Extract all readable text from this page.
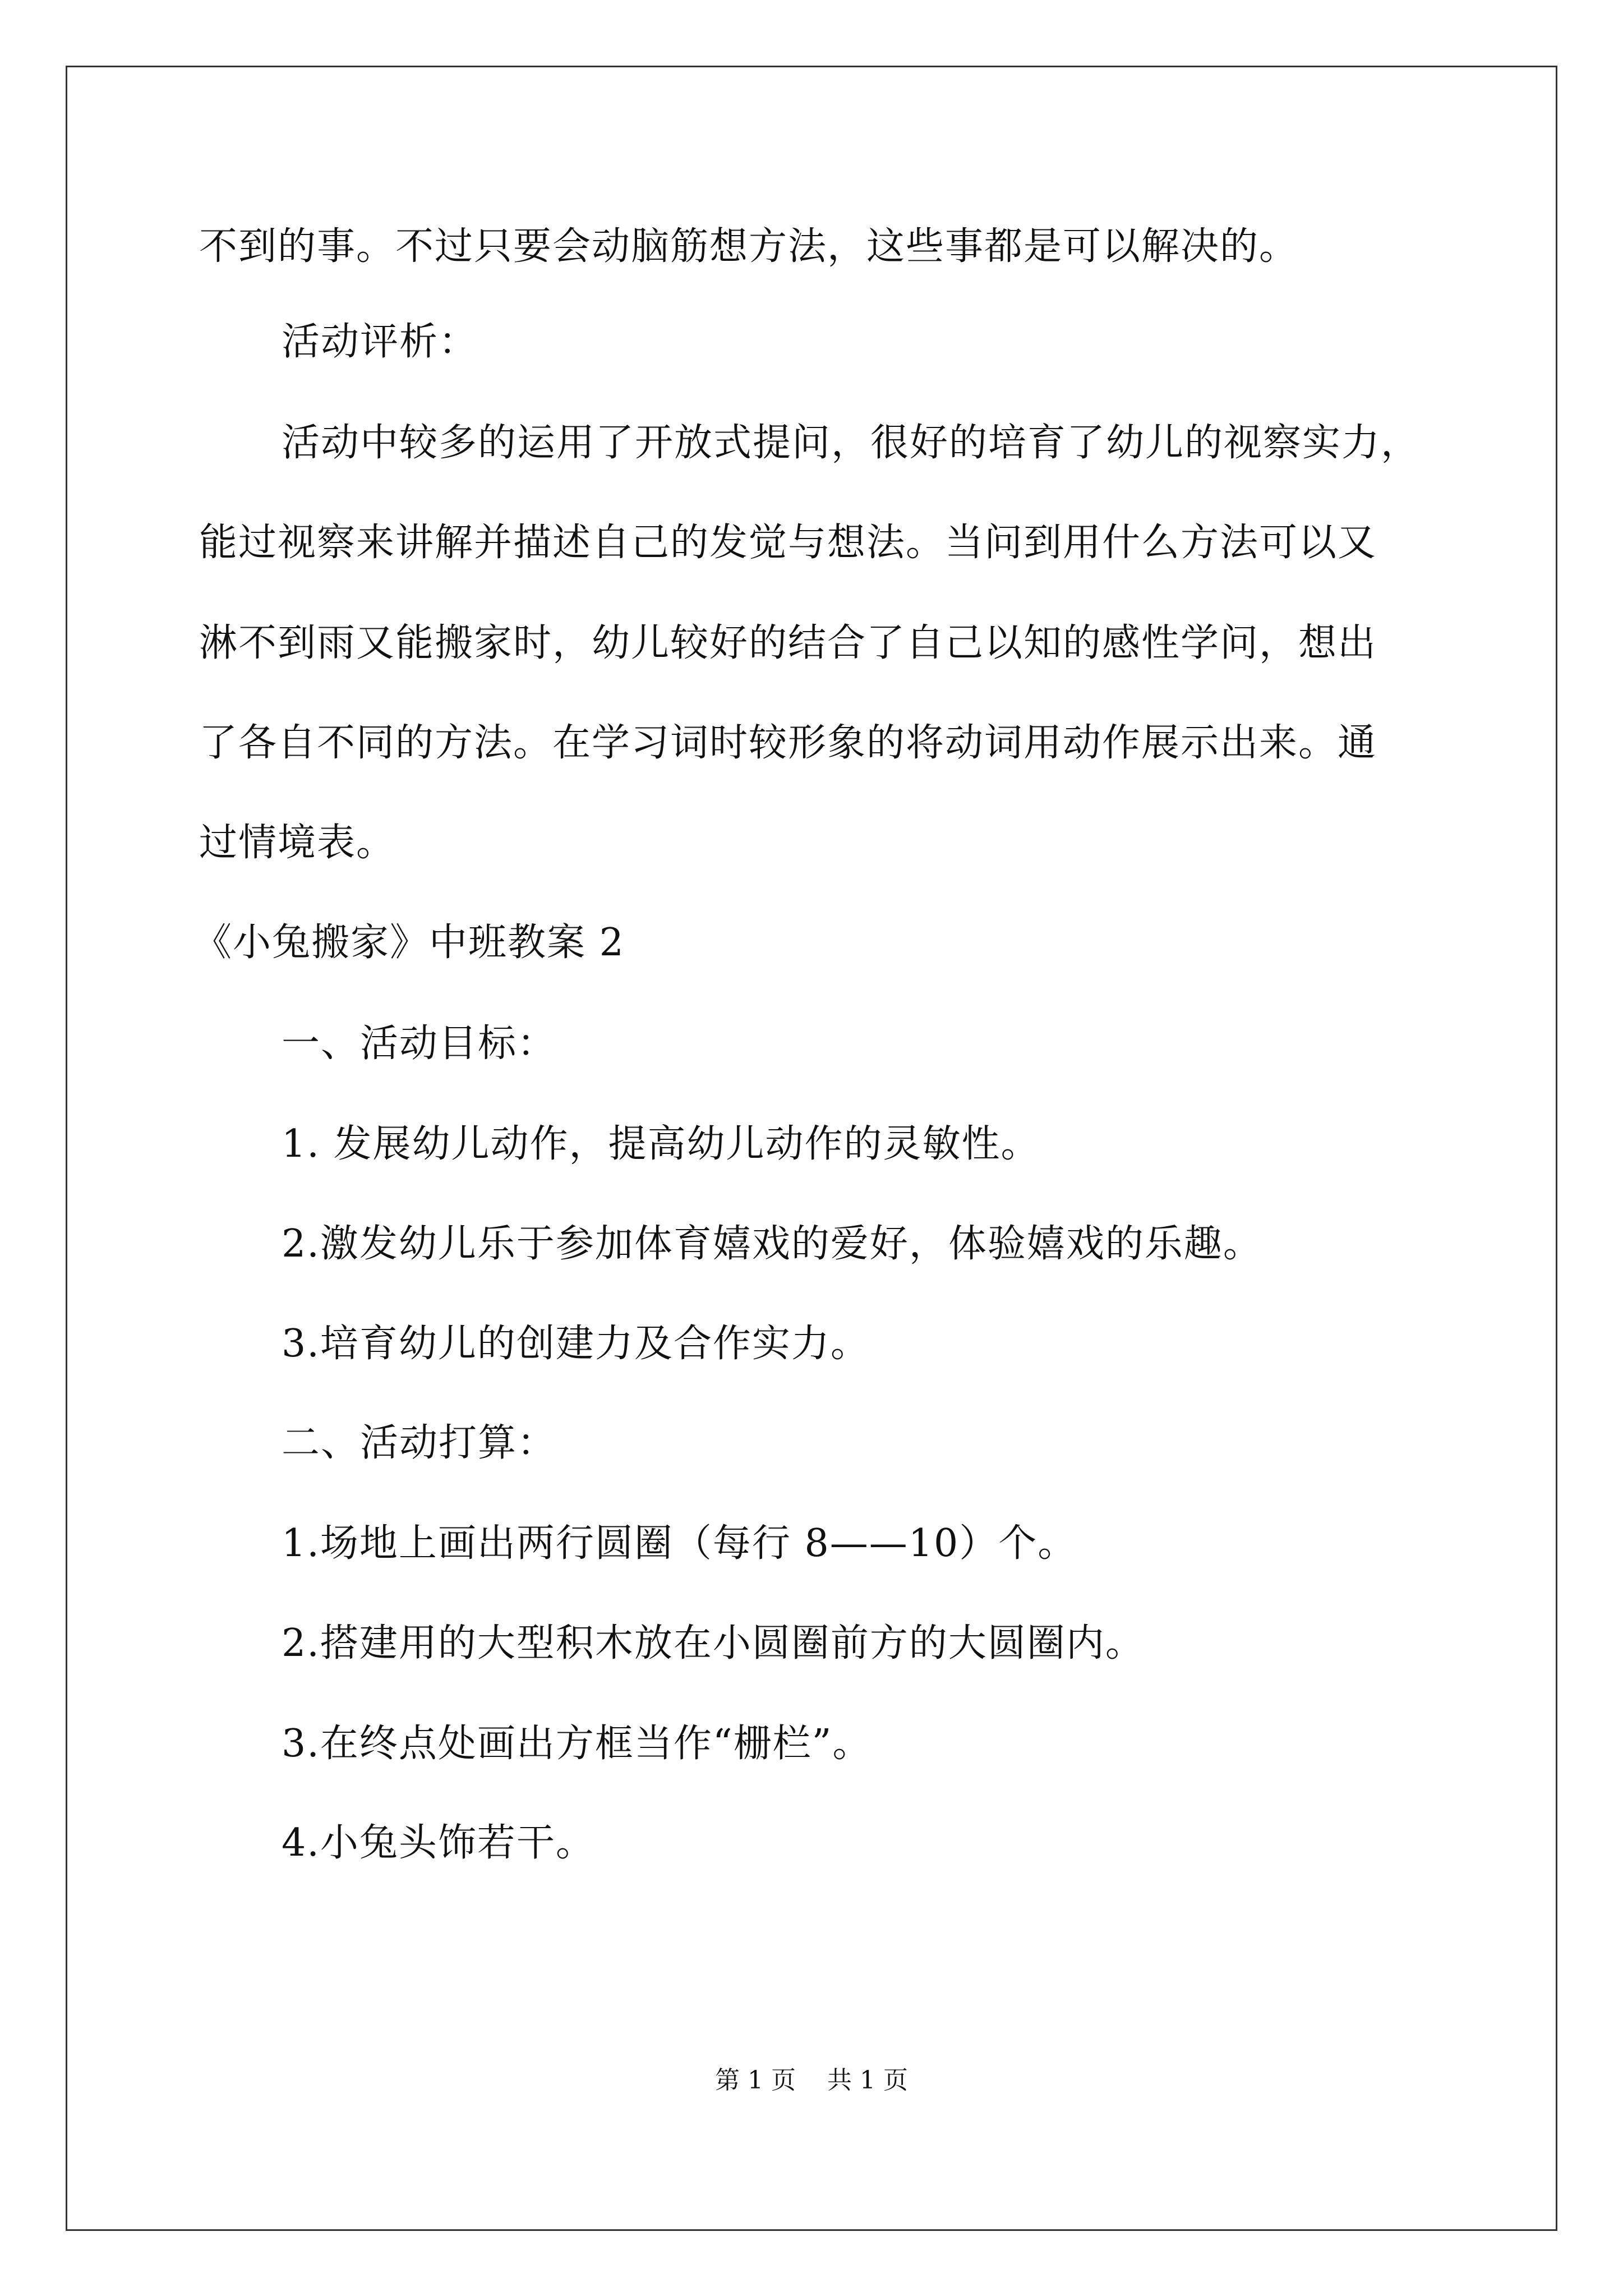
不到的事。不过只要会动脑筋想方法，这些事都是可以解决的。
活动评析：
活动中较多的运用了开放式提问，很好的培育了幼儿的视察实力，
能过视察来讲解并描述自己的发觉与想法。当问到用什么方法可以又
淋不到雨又能搬家时，幼儿较好的结合了自己以知的感性学问，想出
了各自不同的方法。在学习词时较形象的将动词用动作展示出来。通
过情境表。
《小兔搬家》中班教案 2
一、活动目标：
1. 发展幼儿动作，提高幼儿动作的灵敏性。
2.激发幼儿乐于参加体育嬉戏的爱好，体验嬉戏的乐趣。
3.培育幼儿的创建力及合作实力。
二、活动打算：
1.场地上画出两行圆圈（每行 8——10）个。
2.搭建用的大型积木放在小圆圈前方的大圆圈内。
3.在终点处画出方框当作“栅栏”。
4.小兔头饰若干。
第 1 页 共 1 页
